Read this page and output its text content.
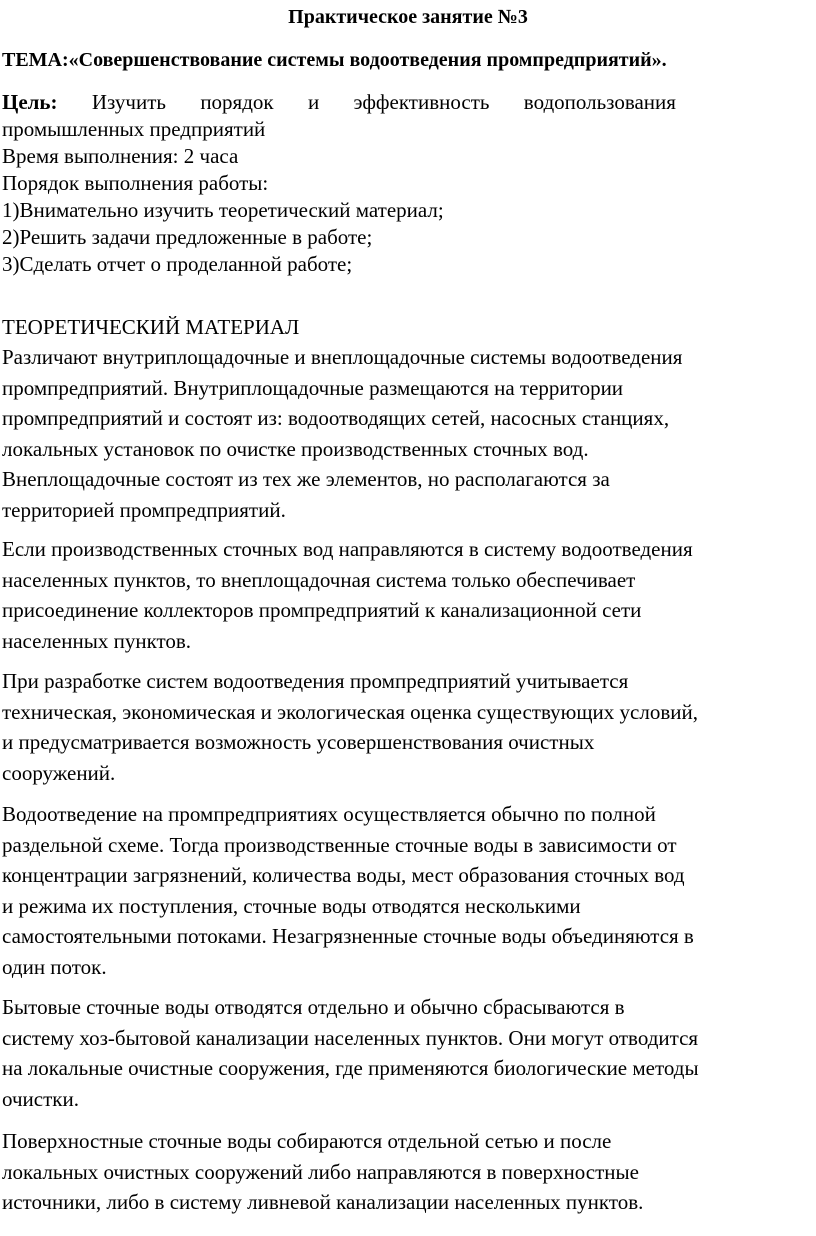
Практическое занятие №3

ТЕМА:«Совершенствование системы водоотведения промпредприятий».

Цель: Изучить порядок и эффективность водопользования
промышленных предприятий
Время выполнения: 2 часа
Порядок выполнения работы:
1)Внимательно изучить теоретический материал;
2)Решить задачи предложенные в работе;
3)Сделать отчет о проделанной работе;
ТЕОРЕТИЧЕСКИЙ МАТЕРИАЛ
Различают внутриплощадочные и внеплощадочные системы водоотведения
промпредприятий. Внутриплощадочные размещаются на территории
промпредприятий и состоят из: водоотводящих сетей, насосных станциях,
локальных установок по очистке производственных сточных вод.
Внеплощадочные состоят из тех же элементов, но располагаются за
территорией промпредприятий.
Если производственных сточных вод направляются в систему водоотведения
населенных пунктов, то внеплощадочная система только обеспечивает
присоединение коллекторов промпредприятий к канализационной сети
населенных пунктов.
При разработке систем водоотведения промпредприятий учитывается
техническая, экономическая и экологическая оценка существующих условий,
и предусматривается возможность усовершенствования очистных
сооружений.
Водоотведение на промпредприятиях осуществляется обычно по полной
раздельной схеме. Тогда производственные сточные воды в зависимости от
концентрации загрязнений, количества воды, мест образования сточных вод
и режима их поступления, сточные воды отводятся несколькими
самостоятельными потоками. Незагрязненные сточные воды объединяются в
один поток.
Бытовые сточные воды отводятся отдельно и обычно сбрасываются в
систему хоз-бытовой канализации населенных пунктов. Они могут отводится
на локальные очистные сооружения, где применяются биологические методы
очистки.
Поверхностные сточные воды собираются отдельной сетью и после
локальных очистных сооружений либо направляются в поверхностные
источники, либо в систему ливневой канализации населенных пунктов.
